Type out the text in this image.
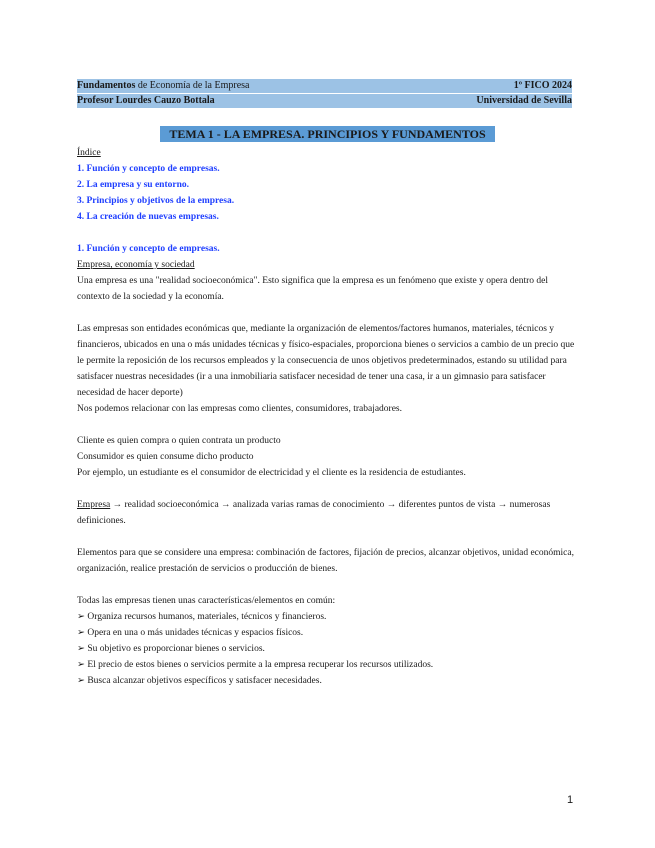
Fundamentos de Economía de la Empresa	1º FICO 2024
Profesor Lourdes Cauzo Bottala	Universidad de Sevilla
TEMA 1 - LA EMPRESA. PRINCIPIOS Y FUNDAMENTOS

Índice

1. Función y concepto de empresas.

2. La empresa y su entorno.

3. Principios y objetivos de la empresa.

4. La creación de nuevas empresas.

1. Función y concepto de empresas.

Empresa, economía y sociedad

Una empresa es una "realidad socioeconómica". Esto significa que la empresa es un fenómeno que existe y opera dentro del contexto de la sociedad y la economía.

Las empresas son entidades económicas que, mediante la organización de elementos/factores humanos, materiales, técnicos y financieros, ubicados en una o más unidades técnicas y físico-espaciales, proporciona bienes o servicios a cambio de un precio que le permite la reposición de los recursos empleados y la consecuencia de unos objetivos predeterminados, estando su utilidad para satisfacer nuestras necesidades (ir a una inmobiliaria satisfacer necesidad de tener una casa, ir a un gimnasio para satisfacer necesidad de hacer deporte)

Nos podemos relacionar con las empresas como clientes, consumidores, trabajadores.

Cliente es quien compra o quien contrata un producto

Consumidor es quien consume dicho producto

Por ejemplo, un estudiante es el consumidor de electricidad y el cliente es la residencia de estudiantes.

Empresa → realidad socioeconómica → analizada varias ramas de conocimiento → diferentes puntos de vista → numerosas definiciones.

Elementos para que se considere una empresa: combinación de factores, fijación de precios, alcanzar objetivos, unidad económica, organización, realice prestación de servicios o producción de bienes.

Todas las empresas tienen unas características/elementos en común:

➢ Organiza recursos humanos, materiales, técnicos y financieros.
➢ Opera en una o más unidades técnicas y espacios físicos.
➢ Su objetivo es proporcionar bienes o servicios.
➢ El precio de estos bienes o servicios permite a la empresa recuperar los recursos utilizados.
➢ Busca alcanzar objetivos específicos y satisfacer necesidades.
1
